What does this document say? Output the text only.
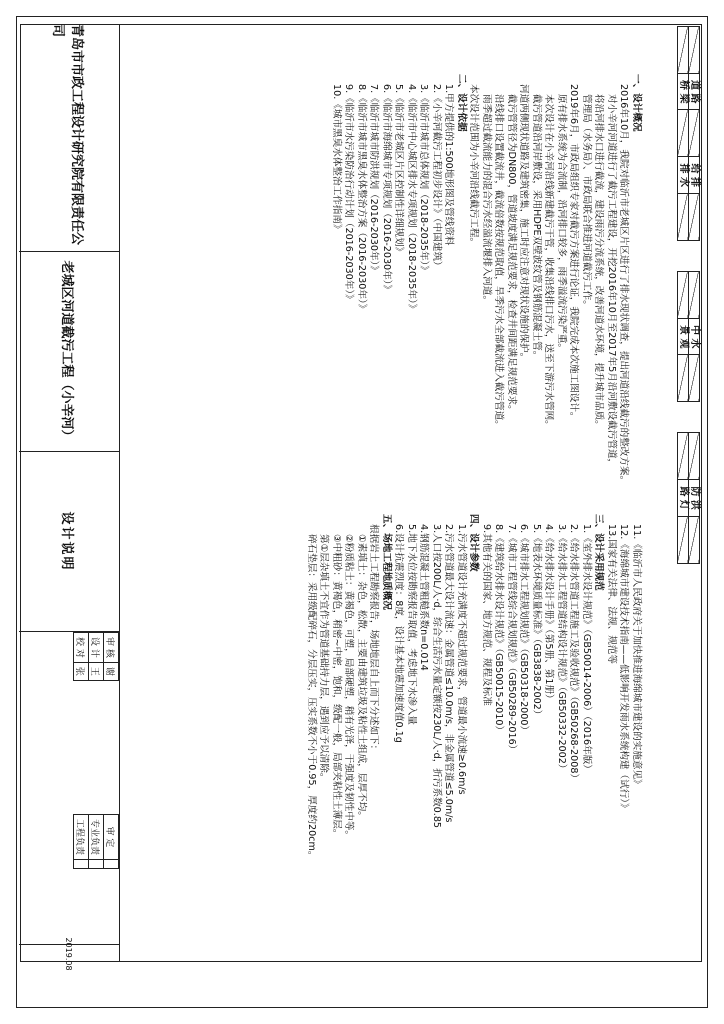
	道 路		给 排				中 水				防 洪	
	桥 梁		排 水				景 观				路 灯	
一、设计概况
2016年10月，我院对临沂市老城区片区进行了排水现状调查，提出河道沿线截污的整改方案。
对小辛河河道进行了截污工程建设，开挖2016年10月至2017年5月沿河敷设截污管道，
将沿河排水口进行截流，建设雨污分流系统，改善河道水环境，提升城市品质。
管理局（水务局）、市政局联合推进河道截污工作。
2019年6月，市政局组织专家对截污方案进行论证，我院完成本次施工图设计。
原有排水系统为合流制，沿河排口较多，雨季溢流污染严重。
本次设计在小辛河沿线新建截污干管，收集沿线排口污水，送至下游污水管网。
截污管道沿河岸敷设，采用HDPE双壁波纹管及钢筋混凝土管。
河道两侧现状道路及建筑密集，施工时应注意对现状设施的保护。
截污管管径为DN800，管道坡度满足规范要求，检查井间距满足规范要求。
沿线排口设置截流井，截流倍数按规范取值，旱季污水全部截流进入截污管道。
雨季超过截流能力的混合污水经溢流堰排入河道。
本次设计范围为小辛河沿线截污工程。
二、设计依据
1.甲方提供的1:500地形图及管线资料
2.《小辛河截污工程初步设计》（中国建筑）
3.《临沂市城市总体规划（2018-2035年）》
4.《临沂市中心城区排水专项规划（2018-2035年）》
5.《临沂市老城区片区控制性详细规划》
6.《临沂市海绵城市专项规划（2016-2030年）》
7.《临沂市城市防洪规划（2016-2030年）》
8.《临沂市城市黑臭水体整治方案（2016-2030年）》
9.《临沂市水污染防治行动计划（2016-2030年）》
10.《城市黑臭水体整治工作指南》
11.《临沂市人民政府关于加快推进海绵城市建设的实施意见》
12.《海绵城市建设技术指南——低影响开发雨水系统构建（试行）》
13.国家有关法律、法规、规范等
三、设计采用规范
1.《室外排水设计规范》（GB50014-2006）（2016年版）
2.《给水排水管道工程施工及验收规范》（GB50268-2008）
3.《给水排水工程管道结构设计规范》（GB50332-2002）
4.《给水排水设计手册》（第5册、第1册）
5.《地表水环境质量标准》（GB3838-2002）
6.《城市排水工程规划规范》（GB50318-2000）
7.《城市工程管线综合规划规范》（GB50289-2016）
8.《建筑给水排水设计规范》（GB50015-2010）
9.其他有关的国家、地方规范、规程及标准
四、设计参数
1.污水管道设计充满度不超过规范要求，管道最小流速≥0.6m/s
2.污水管道最大设计流速：金属管道≤10.0m/s，非金属管道≤5.0m/s
3.人口按200L/人·d，综合生活污水量定额按230L/人·d，折污系数0.85
4.钢筋混凝土管粗糙系数n=0.014
5.地下水位按勘察报告取值，考虑地下水渗入量
6.设计抗震烈度：8度，设计基本地震加速度值0.1g
五、场地工程地质概况
根据岩土工程勘察报告，场地地层自上而下分述如下：
①素填土：杂色，松散，主要由建筑垃圾及粘性土组成，层厚不均。
②粉质粘土：黄褐色，可塑，局部硬塑，稍有光泽，干强度及韧性中等。
③中粗砂：黄褐色，稍密~中密，饱和，级配一般，局部夹粘性土薄层。
第①层杂填土不宜作为管道基础持力层，遇到应予以清除。
碎石垫层：采用级配碎石，分层压实，压实系数不小于0.95，厚度约20cm。
青岛市市政工程设计研究院有限责任公司
老城区河道截污工程（小辛河）
设计说明
审 核	谢
设 计	王
校 对	张
审 定	
专业负责	
工程负责	
2019.08
